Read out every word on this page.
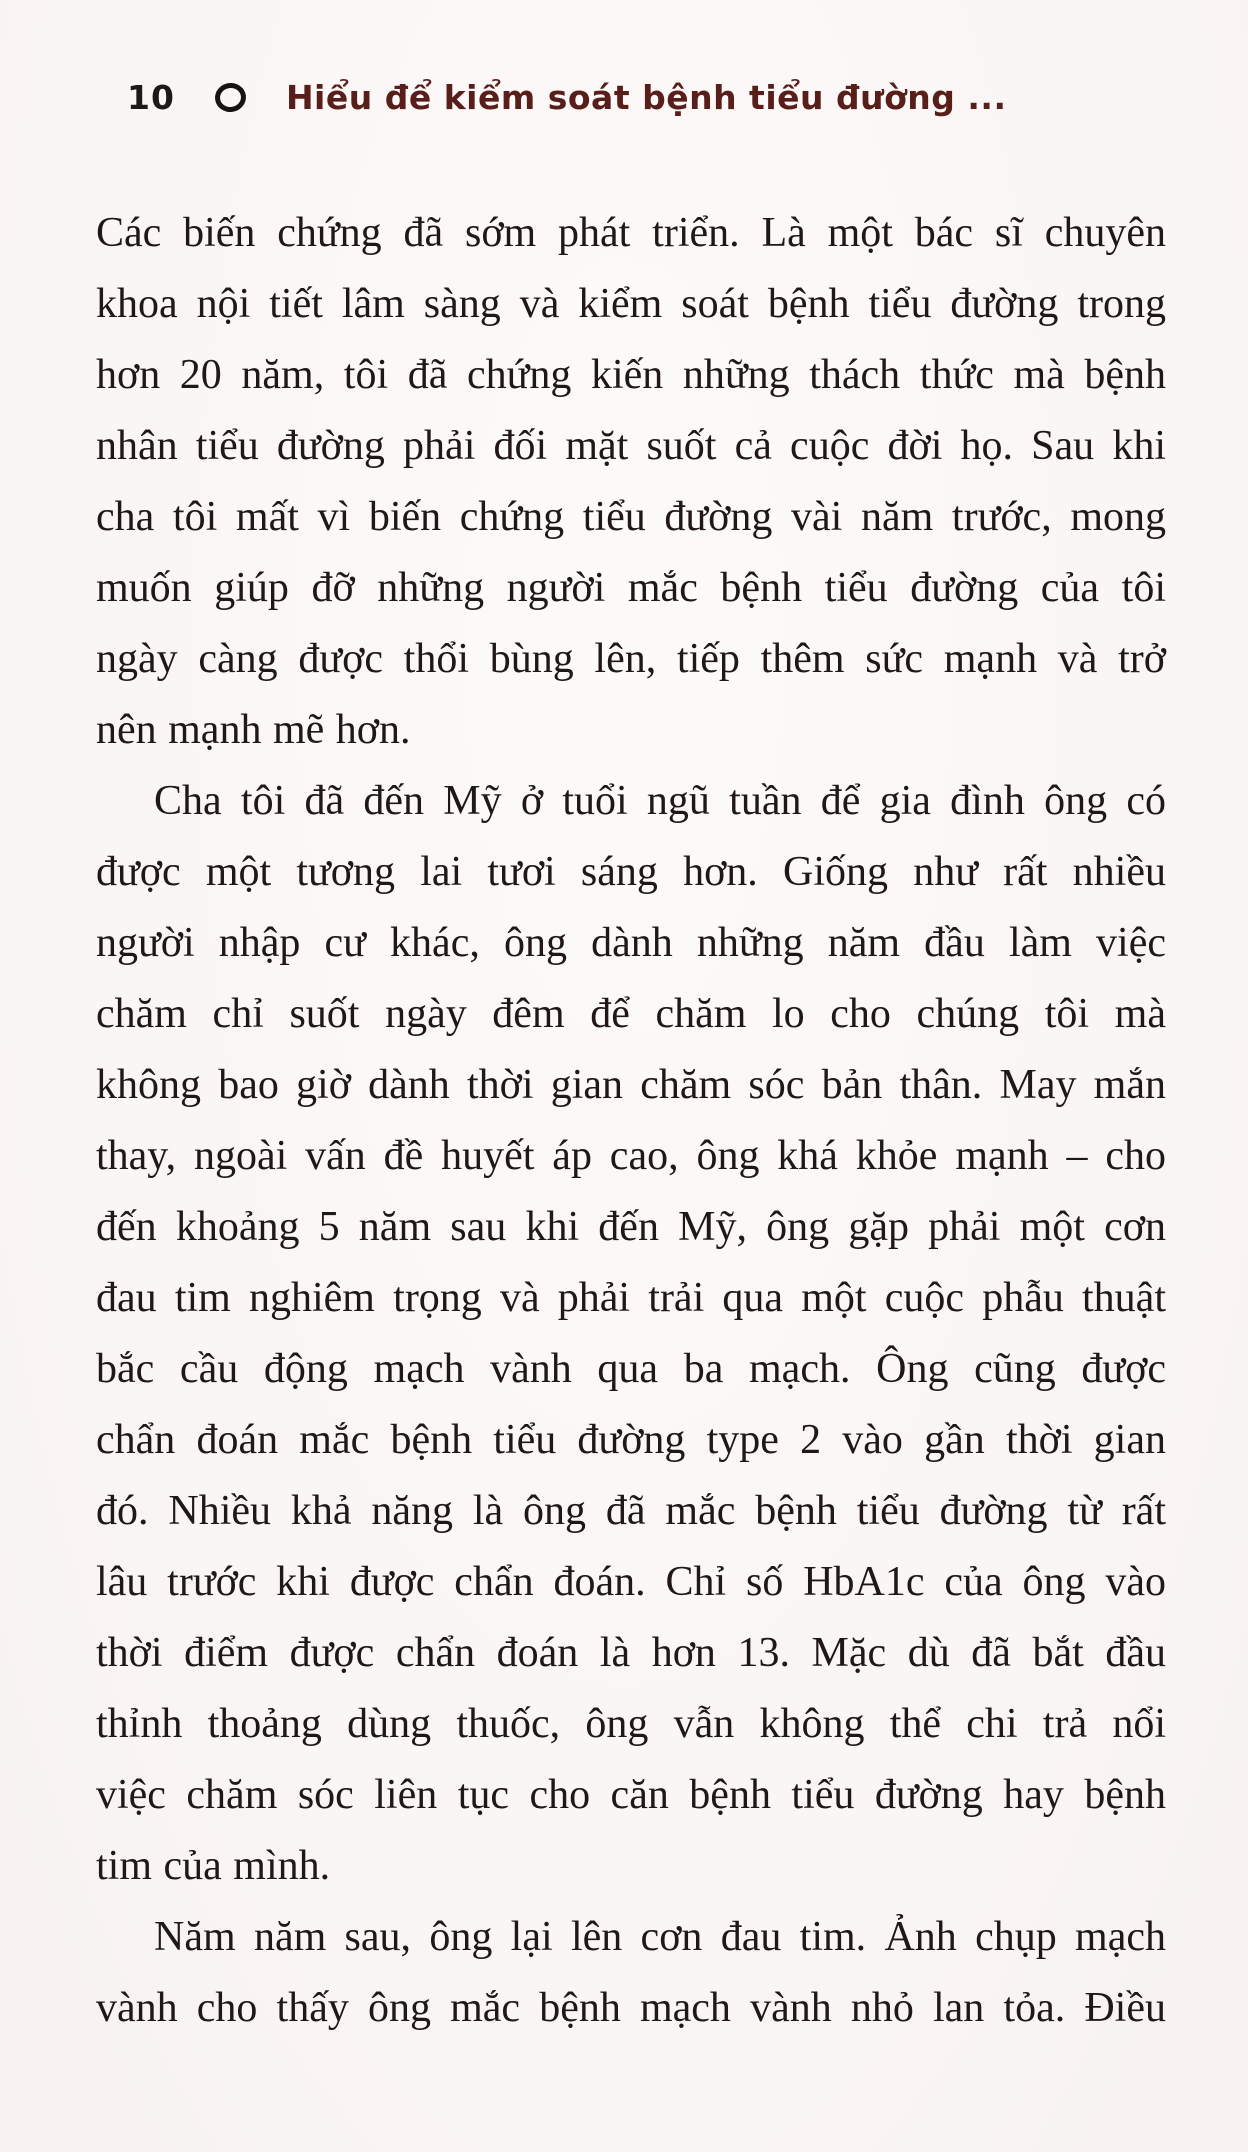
10	Hiểu để kiểm soát bệnh tiểu đường ...
Các biến chứng đã sớm phát triển. Là một bác sĩ chuyên
khoa nội tiết lâm sàng và kiểm soát bệnh tiểu đường trong
hơn 20 năm, tôi đã chứng kiến những thách thức mà bệnh
nhân tiểu đường phải đối mặt suốt cả cuộc đời họ. Sau khi
cha tôi mất vì biến chứng tiểu đường vài năm trước, mong
muốn giúp đỡ những người mắc bệnh tiểu đường của tôi
ngày càng được thổi bùng lên, tiếp thêm sức mạnh và trở
nên mạnh mẽ hơn.
Cha tôi đã đến Mỹ ở tuổi ngũ tuần để gia đình ông có
được một tương lai tươi sáng hơn. Giống như rất nhiều
người nhập cư khác, ông dành những năm đầu làm việc
chăm chỉ suốt ngày đêm để chăm lo cho chúng tôi mà
không bao giờ dành thời gian chăm sóc bản thân. May mắn
thay, ngoài vấn đề huyết áp cao, ông khá khỏe mạnh – cho
đến khoảng 5 năm sau khi đến Mỹ, ông gặp phải một cơn
đau tim nghiêm trọng và phải trải qua một cuộc phẫu thuật
bắc cầu động mạch vành qua ba mạch. Ông cũng được
chẩn đoán mắc bệnh tiểu đường type 2 vào gần thời gian
đó. Nhiều khả năng là ông đã mắc bệnh tiểu đường từ rất
lâu trước khi được chẩn đoán. Chỉ số HbA1c của ông vào
thời điểm được chẩn đoán là hơn 13. Mặc dù đã bắt đầu
thỉnh thoảng dùng thuốc, ông vẫn không thể chi trả nổi
việc chăm sóc liên tục cho căn bệnh tiểu đường hay bệnh
tim của mình.
Năm năm sau, ông lại lên cơn đau tim. Ảnh chụp mạch
vành cho thấy ông mắc bệnh mạch vành nhỏ lan tỏa. Điều
